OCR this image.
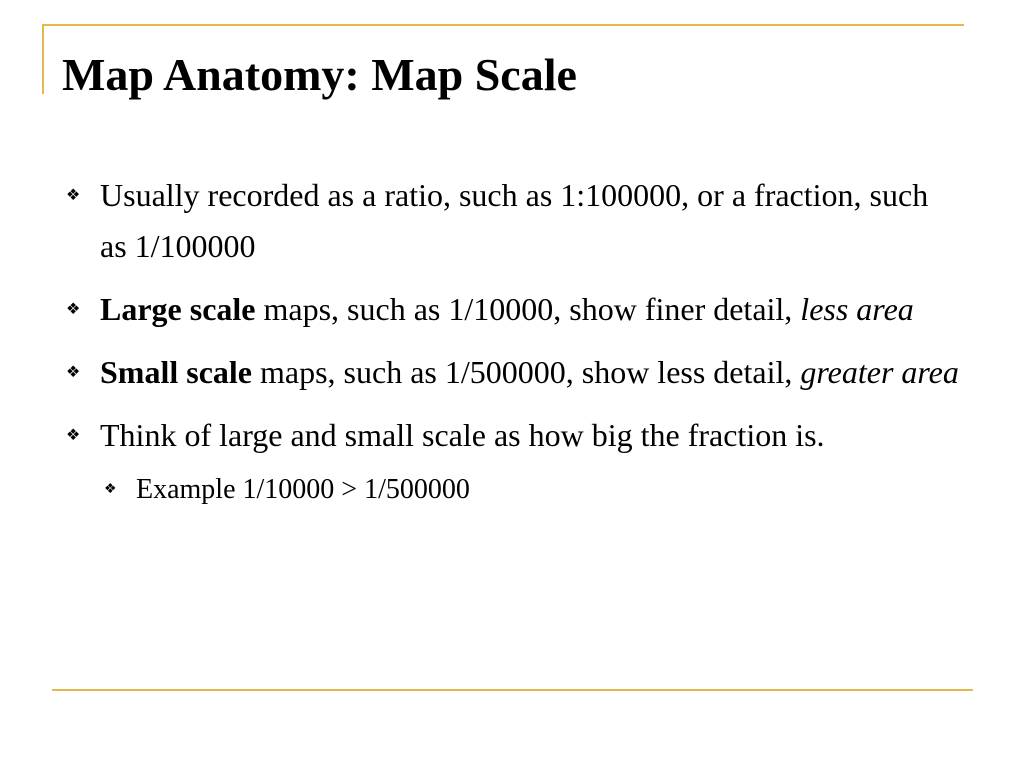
Map Anatomy: Map Scale
❖ Usually recorded as a ratio, such as 1:100000, or a fraction, such as 1/100000
❖ Large scale maps, such as 1/10000, show finer detail, less area
❖ Small scale maps, such as 1/500000, show less detail, greater area
❖ Think of large and small scale as how big the fraction is.
❖ Example 1/10000 > 1/500000
